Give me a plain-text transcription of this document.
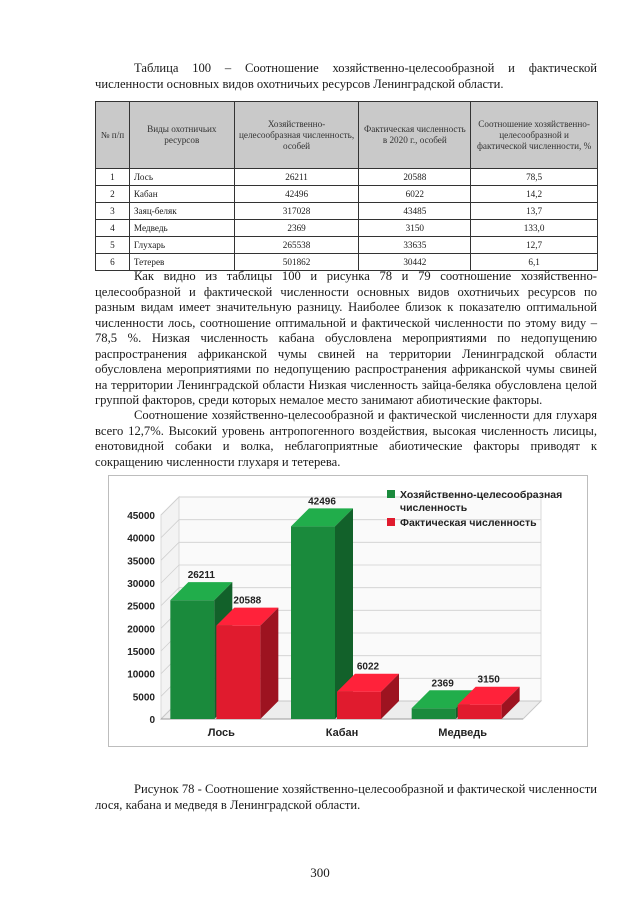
Таблица 100 – Соотношение хозяйственно-целесообразной и фактической численности основных видов охотничьих ресурсов Ленинградской области.
№ п/п	Виды охотничьих ресурсов	Хозяйственно-целесообразная численность, особей	Фактическая численность в 2020 г., особей	Соотношение хозяйственно-целесообразной и фактической численности, %
1	Лось	26211	20588	78,5
2	Кабан	42496	6022	14,2
3	Заяц-беляк	317028	43485	13,7
4	Медведь	2369	3150	133,0
5	Глухарь	265538	33635	12,7
6	Тетерев	501862	30442	6,1
Как видно из таблицы 100 и рисунка 78 и 79 соотношение хозяйственно-целесообразной и фактической численности основных видов охотничьих ресурсов по разным видам имеет значительную разницу. Наиболее близок к показателю оптимальной численности лось, соотношение оптимальной и фактической численности по этому виду – 78,5 %. Низкая численность кабана обусловлена мероприятиями по недопущению распространения африканской чумы свиней на территории Ленинградской области обусловлена мероприятиями по недопущению распространения африканской чумы свиней на территории Ленинградской области Низкая численность зайца-беляка обусловлена целой группой факторов, среди которых немалое место занимают абиотические факторы.
Соотношение хозяйственно-целесообразной и фактической численности для глухаря всего 12,7%. Высокий уровень антропогенного воздействия, высокая численность лисицы, енотовидной собаки и волка, неблагоприятные абиотические факторы приводят к сокращению численности глухаря и тетерева.
0
5000
10000
15000
20000
25000
30000
35000
40000
45000
26211
20588
Лось
42496
6022
Кабан
2369 3150
Медведь
Хозяйственно-целесообразная численность
Фактическая численность
Рисунок 78 - Соотношение хозяйственно-целесообразной и фактической численности лося, кабана и медведя в Ленинградской области.
300
